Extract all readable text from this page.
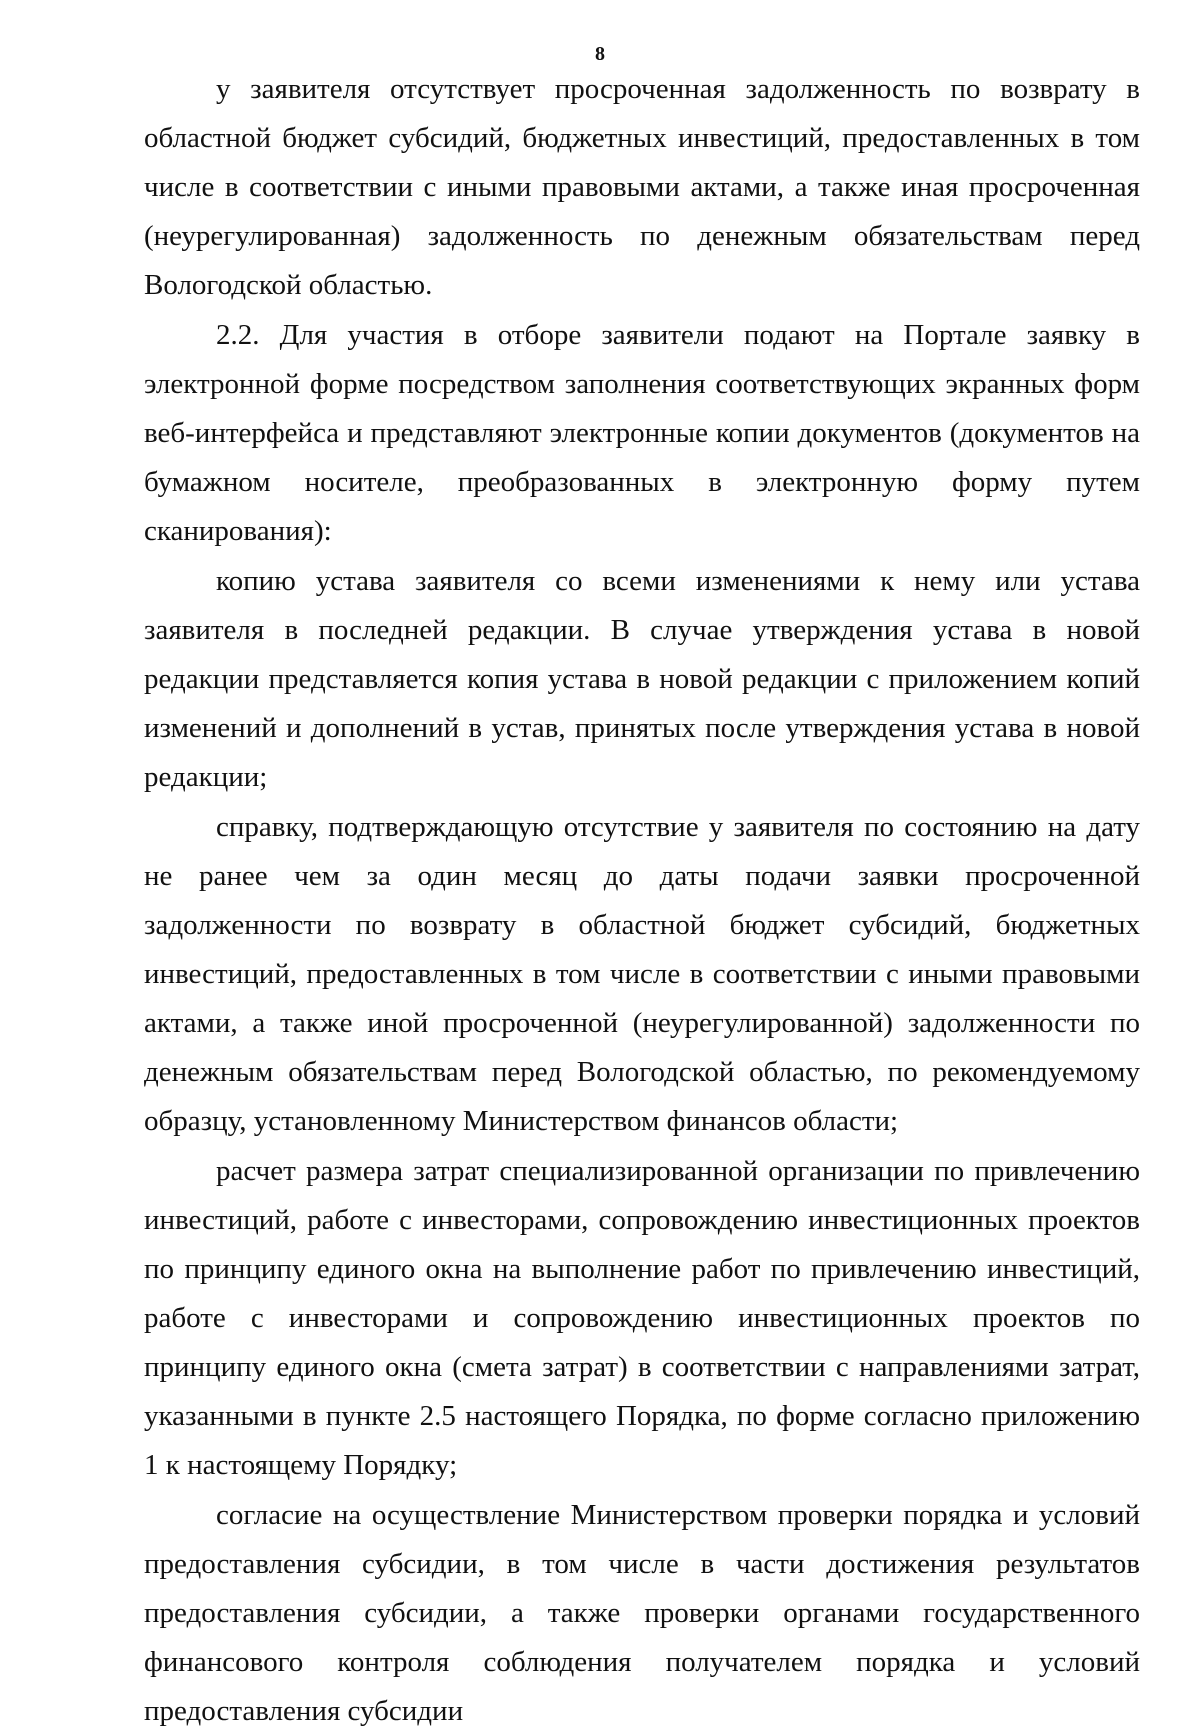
8

у заявителя отсутствует просроченная задолженность по возврату в областной бюджет субсидий, бюджетных инвестиций, предоставленных в том числе в соответствии с иными правовыми актами, а также иная просроченная (неурегулированная) задолженность по денежным обязательствам перед Вологодской областью.

2.2. Для участия в отборе заявители подают на Портале заявку в электронной форме посредством заполнения соответствующих экранных форм веб-интерфейса и представляют электронные копии документов (документов на бумажном носителе, преобразованных в электронную форму путем сканирования):

копию устава заявителя со всеми изменениями к нему или устава заявителя в последней редакции. В случае утверждения устава в новой редакции представляется копия устава в новой редакции с приложением копий изменений и дополнений в устав, принятых после утверждения устава в новой редакции;

справку, подтверждающую отсутствие у заявителя по состоянию на дату не ранее чем за один месяц до даты подачи заявки просроченной задолженности по возврату в областной бюджет субсидий, бюджетных инвестиций, предоставленных в том числе в соответствии с иными правовыми актами, а также иной просроченной (неурегулированной) задолженности по денежным обязательствам перед Вологодской областью, по рекомендуемому образцу, установленному Министерством финансов области;

расчет размера затрат специализированной организации по привлечению инвестиций, работе с инвесторами, сопровождению инвестиционных проектов по принципу единого окна на выполнение работ по привлечению инвестиций, работе с инвесторами и сопровождению инвестиционных проектов по принципу единого окна (смета затрат) в соответствии с направлениями затрат, указанными в пункте 2.5 настоящего Порядка, по форме согласно приложению 1 к настоящему Порядку;

согласие на осуществление Министерством проверки порядка и условий предоставления субсидии, в том числе в части достижения результатов предоставления субсидии, а также проверки органами государственного финансового контроля соблюдения получателем порядка и условий предоставления субсидии
